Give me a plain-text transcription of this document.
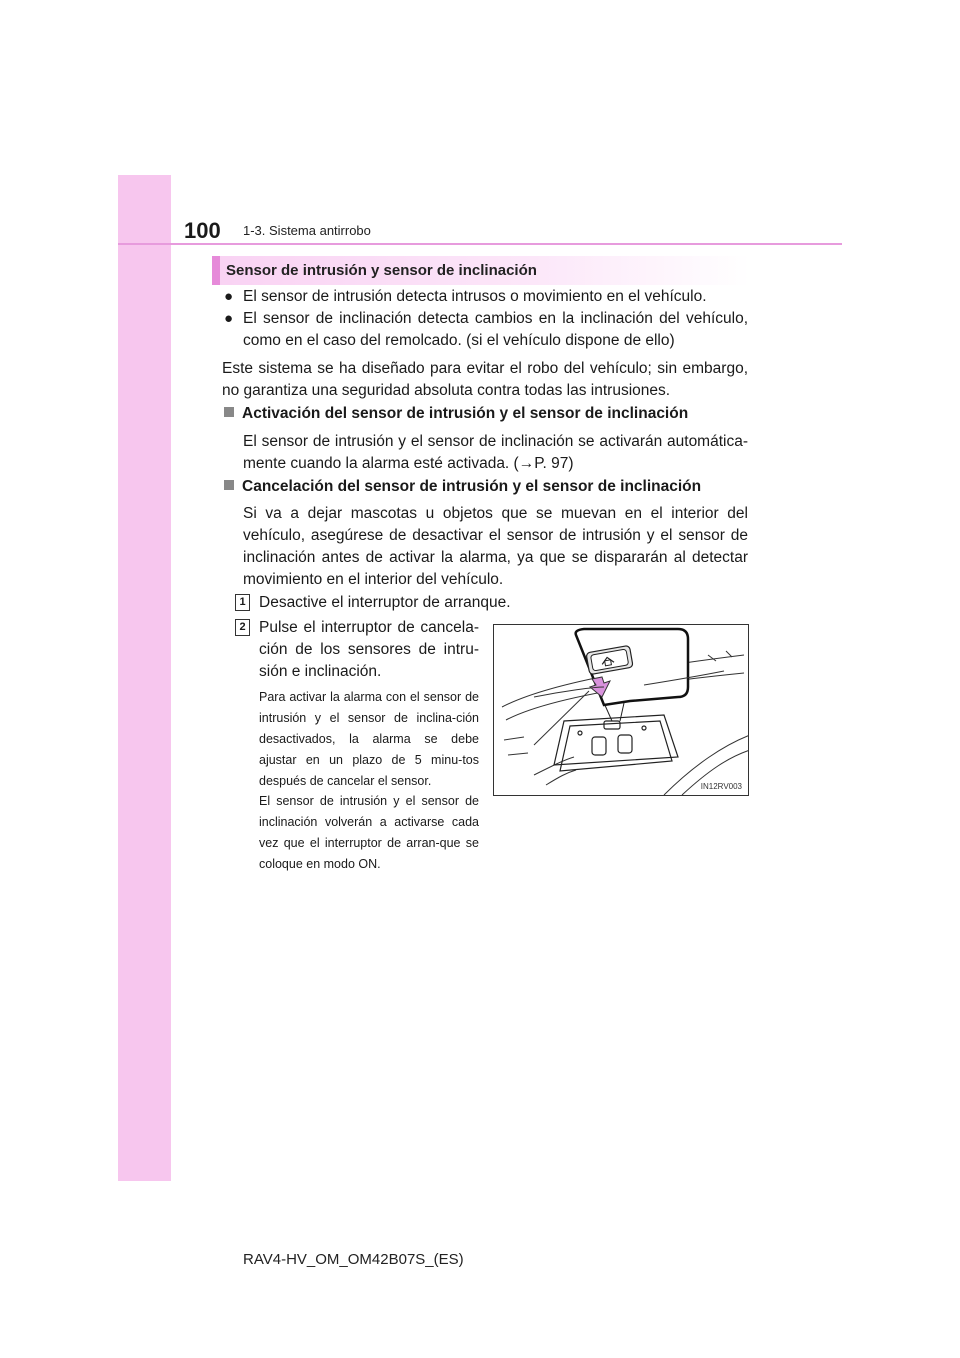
100 1-3. Sistema antirrobo
Sensor de intrusión y sensor de inclinación
● El sensor de intrusión detecta intrusos o movimiento en el vehículo.
● El sensor de inclinación detecta cambios en la inclinación del vehículo, como en el caso del remolcado. (si el vehículo dispone de ello)
Este sistema se ha diseñado para evitar el robo del vehículo; sin embargo, no garantiza una seguridad absoluta contra todas las intrusiones.
Activación del sensor de intrusión y el sensor de inclinación
El sensor de intrusión y el sensor de inclinación se activarán automática-mente cuando la alarma esté activada. (→P. 97)
Cancelación del sensor de intrusión y el sensor de inclinación
Si va a dejar mascotas u objetos que se muevan en el interior del vehículo, asegúrese de desactivar el sensor de intrusión y el sensor de inclinación antes de activar la alarma, ya que se dispararán al detectar movimiento en el interior del vehículo.
1 Desactive el interruptor de arranque.
2 Pulse el interruptor de cancela-ción de los sensores de intru-sión e inclinación.
Para activar la alarma con el sensor de intrusión y el sensor de inclina-ción desactivados, la alarma se debe ajustar en un plazo de 5 minu-tos después de cancelar el sensor.
El sensor de intrusión y el sensor de inclinación volverán a activarse cada vez que el interruptor de arran-que se coloque en modo ON.
IN12RV003
RAV4-HV_OM_OM42B07S_(ES)
